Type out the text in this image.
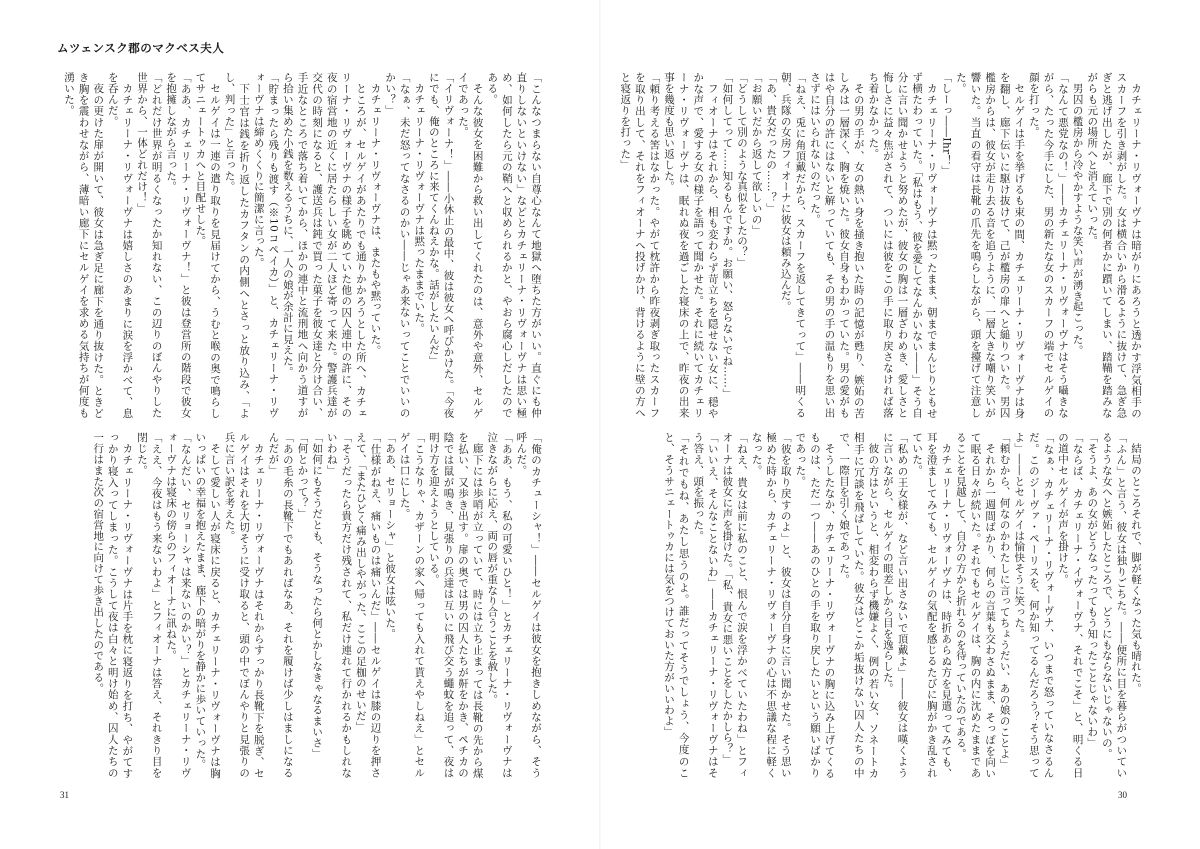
ムツェンスク郡のマクベス夫人

「こんなつまらない自尊心なんて地獄へ堕ちた方がいい。直ぐにも仲直りしないといけない」などとカチェリーナ・リヴォーヴナは思い極め、如何したら元の鞘へと収められるかと、やおら腐心しだしたのである。

そんな彼女を困難から救い出してくれたのは、意外や意外、セルゲイであった。

「イリヴォーナ！」――小休止の最中、彼は彼女へ呼びかけた。「今夜にでも、俺のところに来てくんねえかな。話がしたいんだ」

カチェリーナ・リヴォーヴナは黙ったままでいた。

「なぁ、未だ怒ってなさるのかい――じゃあ来ないってことでいいのかい？」

カチェリーナ・リヴォーヴナは、またもや黙っていた。

ところが、セルゲイがあたりでも通りかかろうとした所へ、カチェリーナ・リヴォーヴナの様子を眺めていた他の囚人連中の許に、その夜の宿営地の近くに居たらしい女が二人ほど寄って来た。警護兵達が交代の時刻になると、護送兵は鈍で買った菓子を彼女達と分け合い、手近なところで落ち着いてから、ほかの連中と流刑地へ向かう道すがら拾い集めた小銭を数えるうちに、一人の娘が余計に見えた。

「貯まったら残りも渡す（※10コペイカ）」と、カチェリーナ・リヴォーヴナは締めくくりに簡潔に言った。

下士官は銭を折り返したカフタンの内側へとさっと放り込み、「よし、判った」と言った。

セルゲイは一連の遣り取りを見届けてから、うむと喉の奥で鳴らしてサニェートゥカへと目配せした。

「ああ、カチェリーナ・リヴォーヴナ！」と彼は登営所の階段で彼女を抱擁しながら言った。

「どれだけ世界が明るくなったか知れない、この辺りのぼんやりした世界から、一体どれだけ！」

カチェリーナ・リヴォーヴナは嬉しさのあまりに涙を浮かべて、息を呑んだ。

夜の更けた扉が開いて、彼女は急ぎ足に廊下を通り抜けた。ときどき胸を震わせながら、薄暗い廊下にセルゲイを求める気持ちが何度も湧いた。

「俺のカチューシャ！」――セルゲイは彼女を抱きしめながら、そう呼んだ。

「ああ、もう、私の可愛いひと！」とカチェリーナ・リヴォーヴナは泣きながらに応え、両の唇が重なり合うことを赦した。

廊下には歩哨が立っていて、時には立ち止まっては長靴の先から煤を払い、又歩き出す。扉の奥では男の囚人たちが鼾をかき、ペチカの陰では鼠が鳴き、見張りの兵達は互いに飛び交う蠅蚊を追って、夜は明け方を迎えようとしている。

「こうなりゃ、カザーンの家へ帰っても入れて貰えやしねえ」とセルゲイは口にした。

「ああ、セリョーシャ」と彼女は呟いた。

「仕様がねえ、痛いものは痛いんだ」――セルゲイは膝の辺りを押さえて、「またひどく痛み出しやがった、ここの足枷のせいだ」

「そうだったら貴方だけ残されて、私だけ連れて行かれるかもしれないわね」

「如何にもそうだとも、そうなったら何とかしなきゃなるまいさ」

「何とかって？」

「あの毛糸の長靴下でもあればなあ、それを履けば少しはましになるんだが」

カチェリーナ・リヴォーヴナはそれからすっかり長靴下を脱ぎ、セルゲイはそれを大切そうに受け取ると、頭の中でぼんやりと見張りの兵に言い訳を考えた。

そして愛しい人が寝床に戻ると、カチェリーナ・リヴォーヴナは胸いっぱいの幸福を抱えたまま、廊下の暗がりを静かに歩いていった。

「なんだい、セリョーシャは来ないのかい？」とカチェリーナ・リヴォーヴナは寝床の傍らのフィオーナに訊ねた。

「ええ、今夜はもう来ないわよ」とフィオーナは答え、それきり目を閉じた。

カチェリーナ・リヴォーヴナは片手を枕に寝返りを打ち、やがてすっかり寝入ってしまった。こうして夜は白々と明け始め、囚人たちの一行はまた次の宿営地に向けて歩き出したのである。

31

カチェリーナ・リヴォーヴナは暗がりにあろうと透かす浮気相手のスカーフを引き剥がした。女は横合いから滑るように抜けて、急ぎ急ぎと逃げ出したが、廊下で別の何者かに躓いてしまい、踏鞴を踏みながらも元の場所へと消えていった。

男囚の檻房から冷やかすような笑い声が湧き起こった。

「なんて悪党なの！」――カチェリーナ・リヴォーヴナはそう囁きながら、たった今手にした、男の新たな女のスカーフの端でセルゲイの顔を打った。

セルゲイは手を挙げるも束の間、カチェリーナ・リヴォーヴナは身を翻し、廊下伝いに駆け抜けて、己が檻房の扉へと縋りついた。男囚檻房からは、彼女が走り去る音を追うように、一層大きな嘲り笑いが響いた。当直の看守は長靴の爪先を鳴らしながら、頭を擡げて注意した。

「しーっ――Ihr！」

カチェリーナ・リヴォーヴナは黙ったまま、朝までまんじりともせず横たわっていた。「私はもう、彼を愛してなんかいない――」そう自分に言い聞かせようと努めたが、彼女の胸は一層ざわめき、愛しさと悔しさに益々焦がされて、ついには彼をこの手に取り戻さなければ落ち着かなかった。

その男の手が、女の熱い身を掻き抱いた時の記憶が甦り、嫉妬の苦しみは一層深く、胸を焼いた。彼女自身もわかっていた。男の愛がもはや自分の許にはないと解っていても、その男の手の温もりを思い出さずにはいられないのだった。

「ねえ、兎に角頂戴だから、スカーフを返してきてって」――明くる朝、兵隊の女房フィオーナに彼女は頼み込んだ。

「あ、貴女だったの……？」

「お願いだから返して欲しいの」

「どうして別のような真似をしたの？」

「如何してって……知るもんですか。お願い、怒らないでね……」

フィオーナはそれから、相も変わらず苛立ちを隠せない女に、穏やかな声で、愛する女の様子を語って聞かせた。それに続いてカチェリーナ・リヴォーヴナは、眠れぬ夜を過ごした寝床の上で、昨夜の出来事を幾度も思い返した。

「頼り考える筈はなかった。やがて枕許から昨夜剥ぎ取ったスカーフを取り出して、それをフィオーナへ投げかけ、背けるように壁の方へと寝返りを打った」

結局のところそれで、脚が軽くなった気も晴れた。

「ふん」と言う、彼女は独りごちた。――便所に目を暮らがついているような女へと嫉妬したところで、どうにもならないじゃないの。

「そうよ、あの女がどうなったってもう知ったことじゃないわ」

「ならば、カチェリーナ・イヴォーヴナ、それでこそ」と、明くる日の道中セルゲイが声を掛けた。

「なぁ、カチェリーナ・リヴォーヴナ、いつまで怒っていなさるんだ。このジーヴァ・ペーリスを、何か知ってるんだろう？そう思ってよ」――とセルゲイは愉快そうに笑った。

「頼むから、何なのかわたしに言ってちょうだい、あの娘のことよ」

それから一週間ばかり、何らの言葉も交わさぬまま、そっぽを向いて眠る日々が続いた。それでもセルゲイは、胸の内に沈めたままであることを見越して、自分の方から折れるのを待っていたのである。

カチェリーナ・リヴォーヴナは、時折あらぬ方を見遣ってみても、耳を澄ましてみても、セルゲイの気配を感じるたびに胸がかき乱されていた。

「私めの王女様が、など言い出さないで頂戴よ」――彼女は嘆くように言いながら、セルゲイの眼差しから目を逸らした。

彼の方はというと、相変わらず機嫌よく、例の若い女、ソネートカ相手に冗談を飛ばしていた。彼女はどこか垢抜けない囚人たちの中で、一際目を引く娘であった。

そうしたなか、カチェリーナ・リヴォーヴナの胸に込み上げてくるものは、ただ一つ――あのひとの手を取り戻したいという願いばかりであった。

「彼を取り戻すのよ」と、彼女は自分自身に言い聞かせた。そう思い極めた時から、カチェリーナ・リヴォーヴナの心は不思議な程に軽くなった。

「ねえ、貴女は前に私のこと、恨んで涙を浮かべていたわね」とフィオーナは彼女に声を掛けた。「私、貴女に悪いことをしたかしら？」

「いいえ、そんなことないわ」――カチェリーナ・リヴォーヴナはそう答え、頭を振った。

「それでもね、あたし思うのよ。誰だってそうでしょう、今度のこと、そうサニェートゥカには気をつけておいた方がいいわよ」

30
